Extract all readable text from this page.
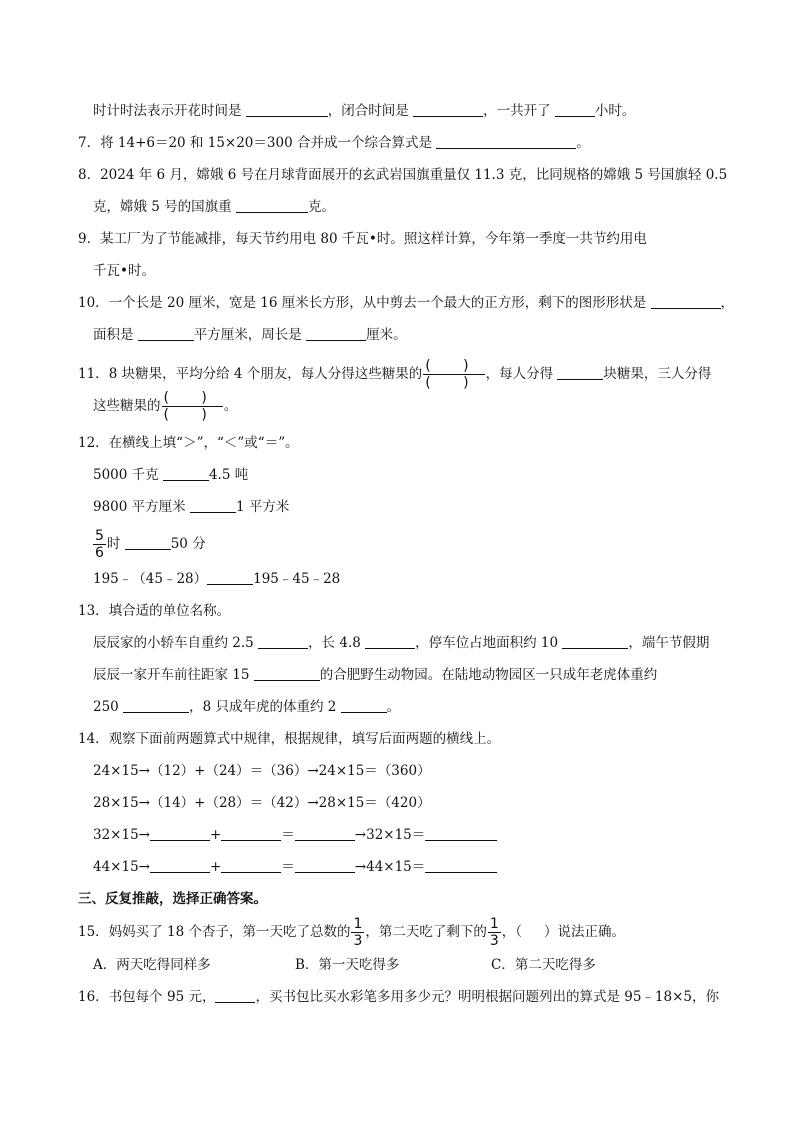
时计时法表示开花时间是	，闭合时间是	，一共开了	小时。
7．将 14+6＝20 和 15×20＝300 合并成一个综合算式是	。
8．2024 年 6 月，嫦娥 6 号在月球背面展开的玄武岩国旗重量仅 11.3 克，比同规格的嫦娥 5 号国旗轻 0.5
克，嫦娥 5 号的国旗重	克。
9．某工厂为了节能减排，每天节约用电 80 千瓦•时。照这样计算，今年第一季度一共节约用电
千瓦•时。
10．一个长是 20 厘米，宽是 16 厘米长方形，从中剪去一个最大的正方形，剩下的图形形状是	，
面积是	平方厘米，周长是	厘米。
11．8 块糖果，平均分给 4 个朋友，每人分得这些糖果的 $\frac{( )}{( )}$ ，每人分得	块糖果，三人分得
这些糖果的 $\frac{( )}{( )}$ 。
12．在横线上填“＞”，“＜”或“＝”。
5000 千克	4.5 吨
9800 平方厘米	1 平方米
$\frac{5}{6}$ 时	50 分
195﹣（45﹣28）	195﹣45﹣28
13．填合适的单位名称。
辰辰家的小轿车自重约 2.5	，长 4.8	，停车位占地面积约 10	，端午节假期
辰辰一家开车前往距家 15	的合肥野生动物园。在陆地动物园区一只成年老虎体重约
250	，8 只成年虎的体重约 2	。
14．观察下面前两题算式中规律，根据规律，填写后面两题的横线上。
24×15→（12）+（24）＝（36）→24×15＝（360）
28×15→（14）+（28）＝（42）→28×15＝（420）
32×15→	+	＝	→32×15＝
44×15→	+	＝	→44×15＝
三、反复推敲，选择正确答案。
15．妈妈买了 18 个杏子，第一天吃了总数的 $\frac{1}{3}$ ，第二天吃了剩下的 $\frac{1}{3}$ ，（ ）说法正确。
A．两天吃得同样多	B．第一天吃得多	C．第二天吃得多
16．书包每个 95 元，	，买书包比买水彩笔多用多少元？明明根据问题列出的算式是 95﹣18×5，你
